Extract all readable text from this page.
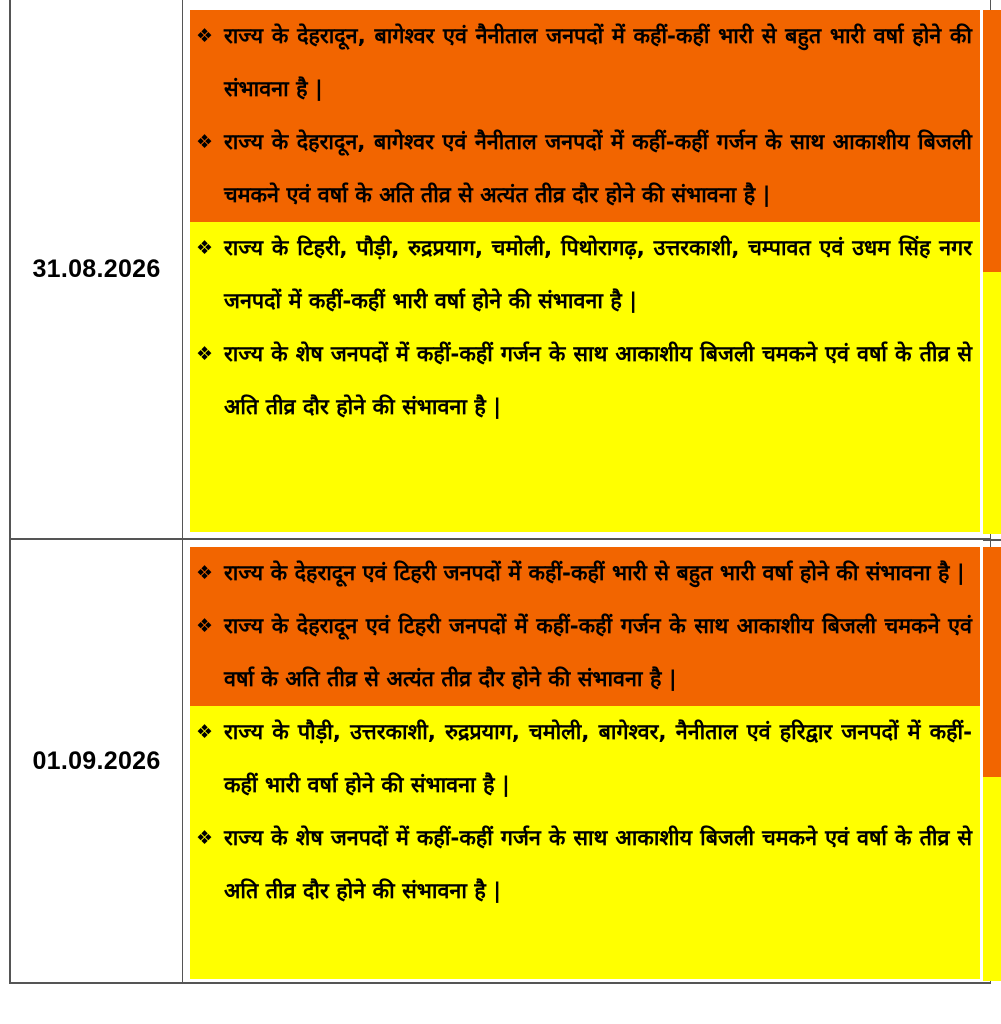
31.08.2026
❖ राज्य के देहरादून, बागेश्वर एवं नैनीताल जनपदों में कहीं-कहीं भारी से बहुत भारी वर्षा होने की संभावना है |
❖ राज्य के देहरादून, बागेश्वर एवं नैनीताल जनपदों में कहीं-कहीं गर्जन के साथ आकाशीय बिजली चमकने एवं वर्षा के अति तीव्र से अत्यंत तीव्र दौर होने की संभावना है |
❖ राज्य के टिहरी, पौड़ी, रुद्रप्रयाग, चमोली, पिथोरागढ़, उत्तरकाशी, चम्पावत एवं उधम सिंह नगर जनपदों में कहीं-कहीं भारी वर्षा होने की संभावना है |
❖ राज्य के शेष जनपदों में कहीं-कहीं गर्जन के साथ आकाशीय बिजली चमकने एवं वर्षा के तीव्र से अति तीव्र दौर होने की संभावना है |
01.09.2026
❖ राज्य के देहरादून एवं टिहरी जनपदों में कहीं-कहीं भारी से बहुत भारी वर्षा होने की संभावना है |
❖ राज्य के देहरादून एवं टिहरी जनपदों में कहीं-कहीं गर्जन के साथ आकाशीय बिजली चमकने एवं वर्षा के अति तीव्र से अत्यंत तीव्र दौर होने की संभावना है |
❖ राज्य के पौड़ी, उत्तरकाशी, रुद्रप्रयाग, चमोली, बागेश्वर, नैनीताल एवं हरिद्वार जनपदों में कहीं-कहीं भारी वर्षा होने की संभावना है |
❖ राज्य के शेष जनपदों में कहीं-कहीं गर्जन के साथ आकाशीय बिजली चमकने एवं वर्षा के तीव्र से अति तीव्र दौर होने की संभावना है |
